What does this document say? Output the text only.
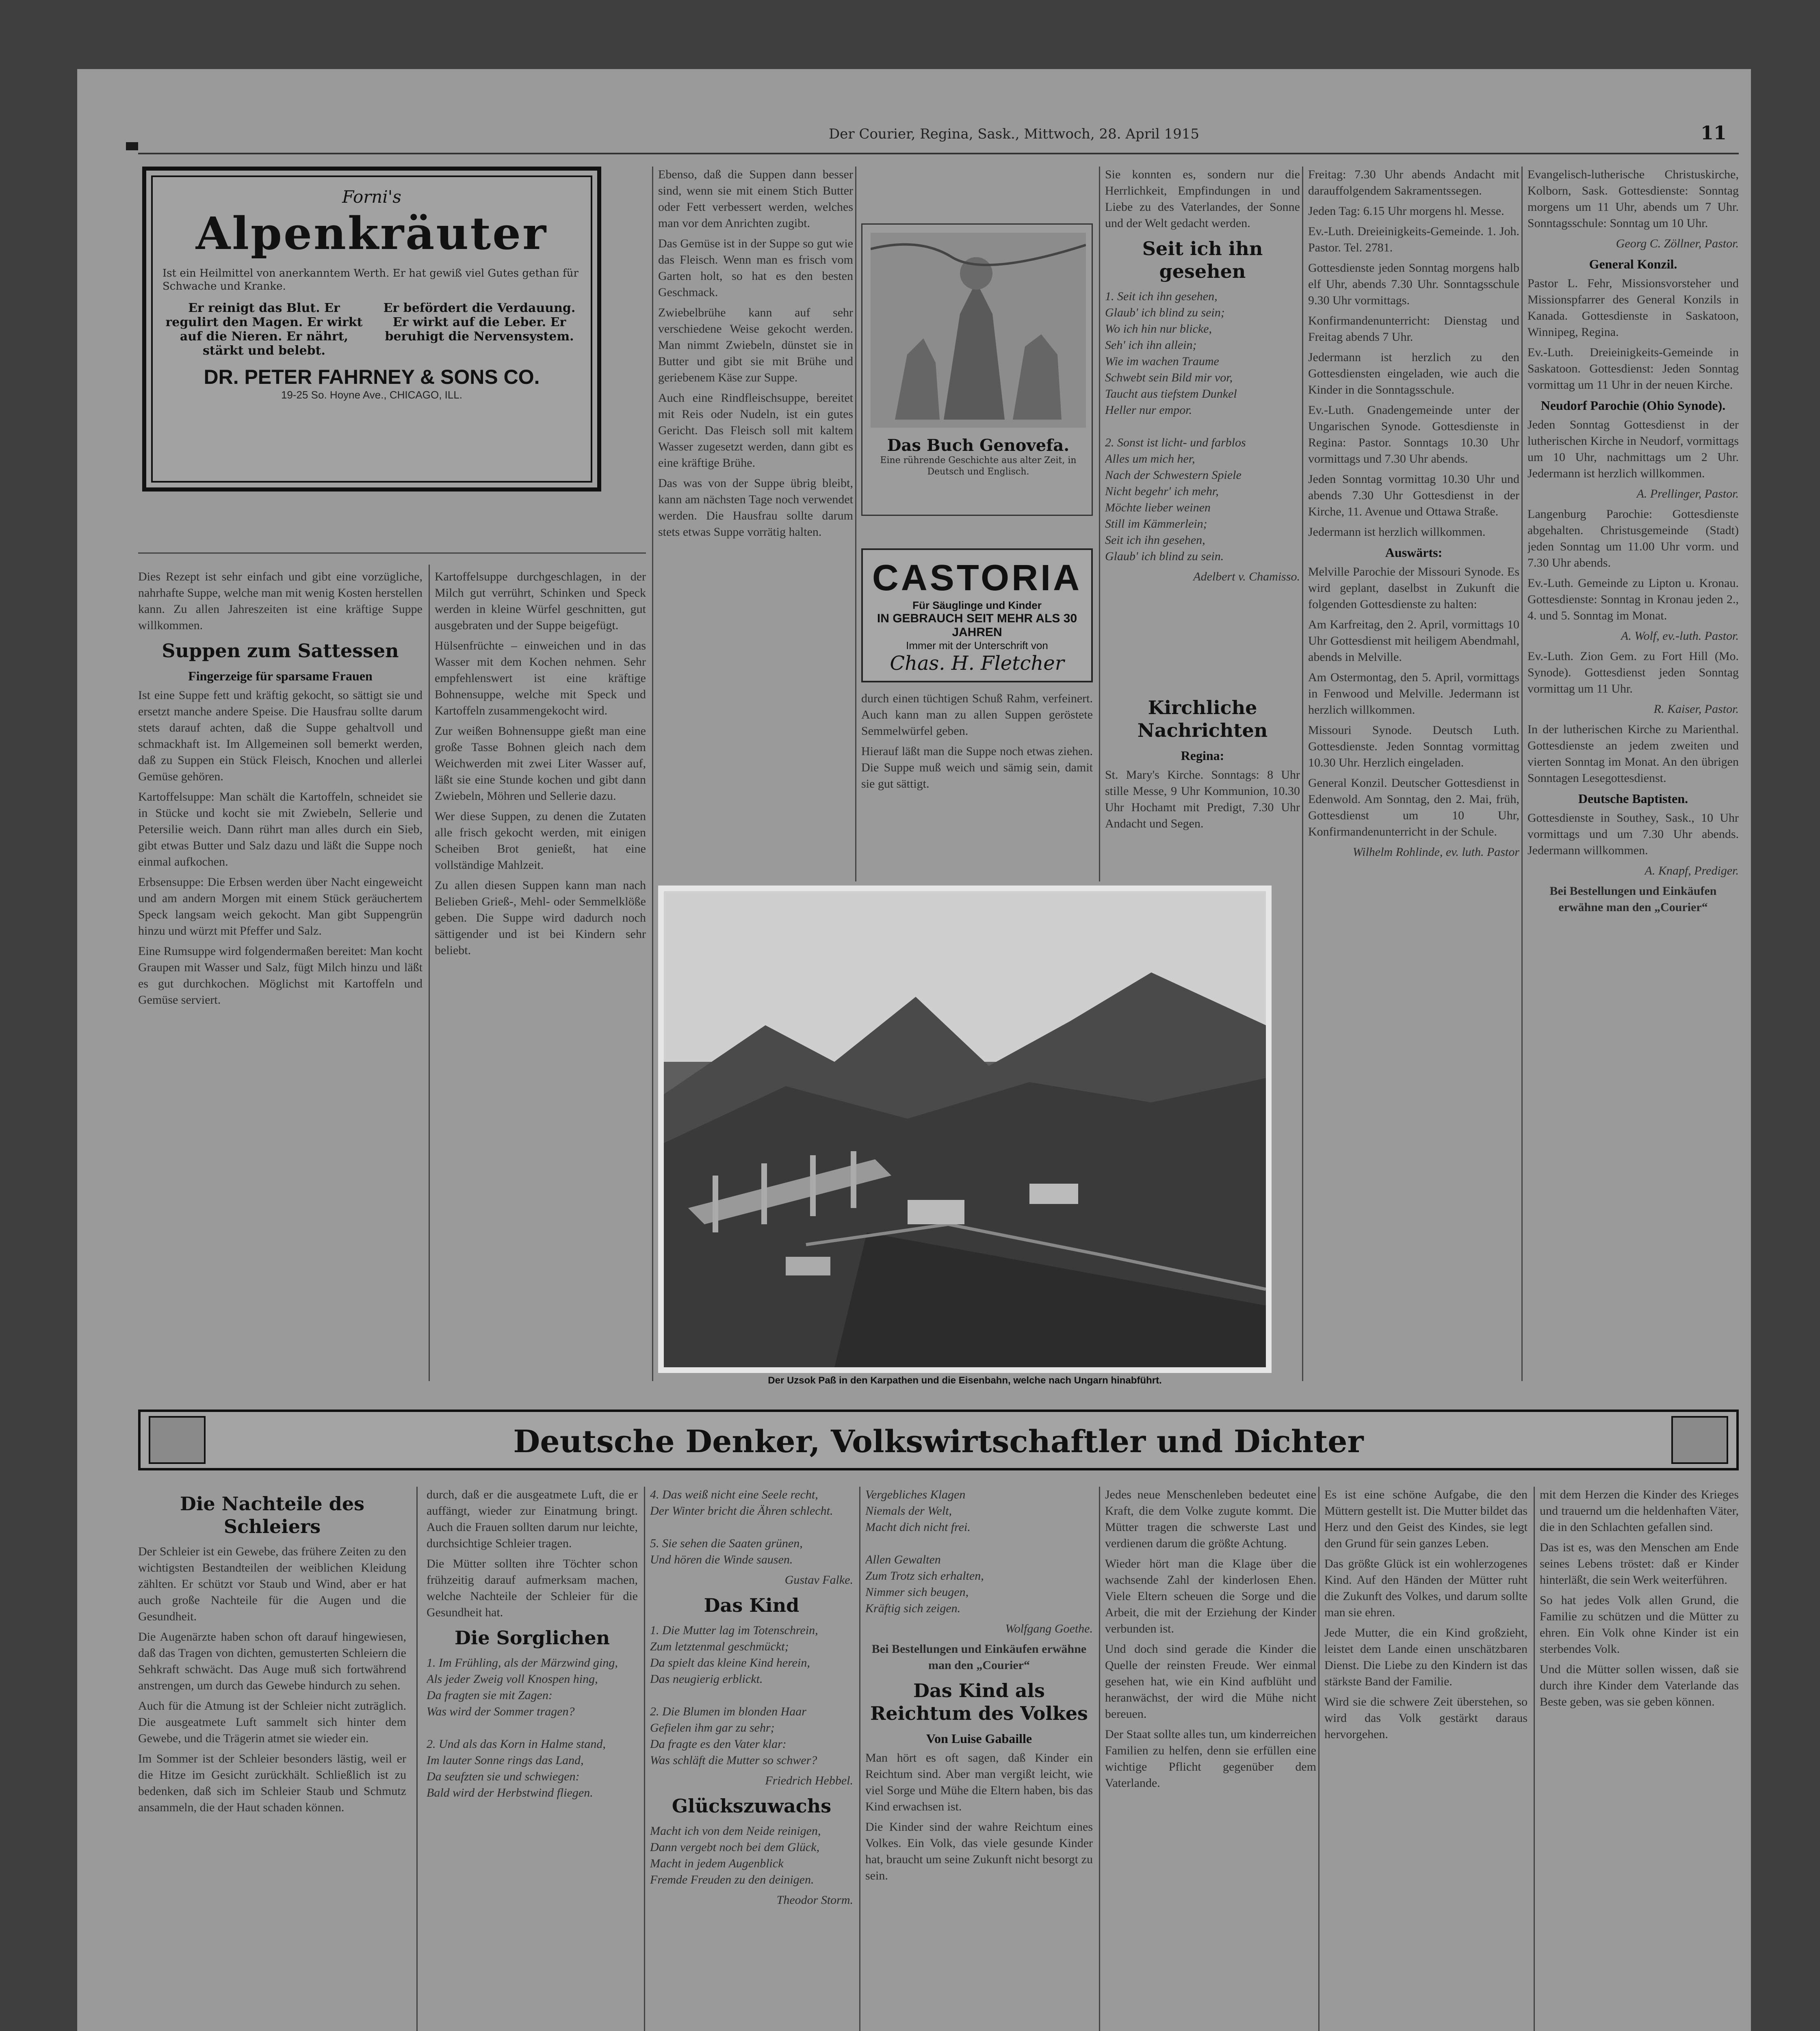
Der Courier, Regina, Sask., Mittwoch, 28. April 1915	11
Forni's
Alpenkräuter
Ist ein Heilmittel von anerkanntem Werth. Er hat gewiß viel Gutes gethan für Schwache und Kranke.
Er reinigt das Blut. Er regulirt den Magen. Er wirkt auf die Nieren. Er nährt, stärkt und belebt.
Er befördert die Verdauung. Er wirkt auf die Leber. Er beruhigt die Nervensystem.
DR. PETER FAHRNEY & SONS CO.
19-25 So. Hoyne Ave., CHICAGO, ILL.
Das Buch Genovefa.
Eine rührende Geschichte aus alter Zeit, in Deutsch und Englisch.
CASTORIA
Für Säuglinge und Kinder
IN GEBRAUCH SEIT MEHR ALS 30 JAHREN
Immer mit der Unterschrift von
Chas. H. Fletcher

Dies Rezept ist sehr einfach und gibt eine vorzügliche, nahrhafte Suppe, welche man mit wenig Kosten herstellen kann. Zu allen Jahreszeiten ist eine kräftige Suppe willkommen.

Suppen zum Sattessen
Fingerzeige für sparsame Frauen

Ist eine Suppe fett und kräftig gekocht, so sättigt sie und ersetzt manche andere Speise. Die Hausfrau sollte darum stets darauf achten, daß die Suppe gehaltvoll und schmackhaft ist. Im Allgemeinen soll bemerkt werden, daß zu Suppen ein Stück Fleisch, Knochen und allerlei Gemüse gehören.

Kartoffelsuppe: Man schält die Kartoffeln, schneidet sie in Stücke und kocht sie mit Zwiebeln, Sellerie und Petersilie weich. Dann rührt man alles durch ein Sieb, gibt etwas Butter und Salz dazu und läßt die Suppe noch einmal aufkochen.

Erbsensuppe: Die Erbsen werden über Nacht eingeweicht und am andern Morgen mit einem Stück geräuchertem Speck langsam weich gekocht. Man gibt Suppengrün hinzu und würzt mit Pfeffer und Salz.

Eine Rumsuppe wird folgendermaßen bereitet: Man kocht Graupen mit Wasser und Salz, fügt Milch hinzu und läßt es gut durchkochen. Möglichst mit Kartoffeln und Gemüse serviert.

Kartoffelsuppe durchgeschlagen, in der Milch gut verrührt, Schinken und Speck werden in kleine Würfel geschnitten, gut ausgebraten und der Suppe beigefügt.

Hülsenfrüchte – einweichen und in das Wasser mit dem Kochen nehmen. Sehr empfehlenswert ist eine kräftige Bohnensuppe, welche mit Speck und Kartoffeln zusammengekocht wird.

Zur weißen Bohnensuppe gießt man eine große Tasse Bohnen gleich nach dem Weichwerden mit zwei Liter Wasser auf, läßt sie eine Stunde kochen und gibt dann Zwiebeln, Möhren und Sellerie dazu.

Wer diese Suppen, zu denen die Zutaten alle frisch gekocht werden, mit einigen Scheiben Brot genießt, hat eine vollständige Mahlzeit.

Zu allen diesen Suppen kann man nach Belieben Grieß-, Mehl- oder Semmelklöße geben. Die Suppe wird dadurch noch sättigender und ist bei Kindern sehr beliebt.

Ebenso, daß die Suppen dann besser sind, wenn sie mit einem Stich Butter oder Fett verbessert werden, welches man vor dem Anrichten zugibt.

Das Gemüse ist in der Suppe so gut wie das Fleisch. Wenn man es frisch vom Garten holt, so hat es den besten Geschmack.

Zwiebelbrühe kann auf sehr verschiedene Weise gekocht werden. Man nimmt Zwiebeln, dünstet sie in Butter und gibt sie mit Brühe und geriebenem Käse zur Suppe.

Auch eine Rindfleischsuppe, bereitet mit Reis oder Nudeln, ist ein gutes Gericht. Das Fleisch soll mit kaltem Wasser zugesetzt werden, dann gibt es eine kräftige Brühe.

Das was von der Suppe übrig bleibt, kann am nächsten Tage noch verwendet werden. Die Hausfrau sollte darum stets etwas Suppe vorrätig halten.

durch einen tüchtigen Schuß Rahm, verfeinert. Auch kann man zu allen Suppen geröstete Semmelwürfel geben.

Hierauf läßt man die Suppe noch etwas ziehen. Die Suppe muß weich und sämig sein, damit sie gut sättigt.

Sie konnten es, sondern nur die Herrlichkeit, Empfindungen in und Liebe zu des Vaterlandes, der Sonne und der Welt gedacht werden.

Seit ich ihn gesehen

1. Seit ich ihn gesehen,
Glaub' ich blind zu sein;
Wo ich hin nur blicke,
Seh' ich ihn allein;
Wie im wachen Traume
Schwebt sein Bild mir vor,
Taucht aus tiefstem Dunkel
Heller nur empor.

2. Sonst ist licht- und farblos
Alles um mich her,
Nach der Schwestern Spiele
Nicht begehr' ich mehr,
Möchte lieber weinen
Still im Kämmerlein;
Seit ich ihn gesehen,
Glaub' ich blind zu sein.

Adelbert v. Chamisso.

Kirchliche Nachrichten
Regina:

St. Mary's Kirche. Sonntags: 8 Uhr stille Messe, 9 Uhr Kommunion, 10.30 Uhr Hochamt mit Predigt, 7.30 Uhr Andacht und Segen.

Freitag: 7.30 Uhr abends Andacht mit darauffolgendem Sakramentssegen.

Jeden Tag: 6.15 Uhr morgens hl. Messe.

Ev.-Luth. Dreieinigkeits-Gemeinde. 1. Joh. Pastor. Tel. 2781.

Gottesdienste jeden Sonntag morgens halb elf Uhr, abends 7.30 Uhr. Sonntagsschule 9.30 Uhr vormittags.

Konfirmandenunterricht: Dienstag und Freitag abends 7 Uhr.

Jedermann ist herzlich zu den Gottesdiensten eingeladen, wie auch die Kinder in die Sonntagsschule.

Ev.-Luth. Gnadengemeinde unter der Ungarischen Synode. Gottesdienste in Regina: Pastor. Sonntags 10.30 Uhr vormittags und 7.30 Uhr abends.

Jeden Sonntag vormittag 10.30 Uhr und abends 7.30 Uhr Gottesdienst in der Kirche, 11. Avenue und Ottawa Straße.

Jedermann ist herzlich willkommen.

Auswärts:

Melville Parochie der Missouri Synode. Es wird geplant, daselbst in Zukunft die folgenden Gottesdienste zu halten:

Am Karfreitag, den 2. April, vormittags 10 Uhr Gottesdienst mit heiligem Abendmahl, abends in Melville.

Am Ostermontag, den 5. April, vormittags in Fenwood und Melville. Jedermann ist herzlich willkommen.

Missouri Synode. Deutsch Luth. Gottesdienste. Jeden Sonntag vormittag 10.30 Uhr. Herzlich eingeladen.

General Konzil. Deutscher Gottesdienst in Edenwold. Am Sonntag, den 2. Mai, früh, Gottesdienst um 10 Uhr, Konfirmandenunterricht in der Schule.

Wilhelm Rohlinde, ev. luth. Pastor

Evangelisch-lutherische Christuskirche, Kolborn, Sask. Gottesdienste: Sonntag morgens um 11 Uhr, abends um 7 Uhr. Sonntagsschule: Sonntag um 10 Uhr.

Georg C. Zöllner, Pastor.

General Konzil.

Pastor L. Fehr, Missionsvorsteher und Missionspfarrer des General Konzils in Kanada. Gottesdienste in Saskatoon, Winnipeg, Regina.

Ev.-Luth. Dreieinigkeits-Gemeinde in Saskatoon. Gottesdienst: Jeden Sonntag vormittag um 11 Uhr in der neuen Kirche.

Neudorf Parochie (Ohio Synode).

Jeden Sonntag Gottesdienst in der lutherischen Kirche in Neudorf, vormittags um 10 Uhr, nachmittags um 2 Uhr. Jedermann ist herzlich willkommen.

A. Prellinger, Pastor.

Langenburg Parochie: Gottesdienste abgehalten. Christusgemeinde (Stadt) jeden Sonntag um 11.00 Uhr vorm. und 7.30 Uhr abends.

Ev.-Luth. Gemeinde zu Lipton u. Kronau. Gottesdienste: Sonntag in Kronau jeden 2., 4. und 5. Sonntag im Monat.

A. Wolf, ev.-luth. Pastor.

Ev.-Luth. Zion Gem. zu Fort Hill (Mo. Synode). Gottesdienst jeden Sonntag vormittag um 11 Uhr.

R. Kaiser, Pastor.

In der lutherischen Kirche zu Marienthal. Gottesdienste an jedem zweiten und vierten Sonntag im Monat. An den übrigen Sonntagen Lesegottesdienst.

Deutsche Baptisten.

Gottesdienste in Southey, Sask., 10 Uhr vormittags und um 7.30 Uhr abends. Jedermann willkommen.

A. Knapf, Prediger.

Bei Bestellungen und Einkäufen erwähne man den „Courier“

Der Uzsok Paß in den Karpathen und die Eisenbahn, welche nach Ungarn hinabführt.
Deutsche Denker, Volkswirtschaftler und Dichter
Die Nachteile des Schleiers

Der Schleier ist ein Gewebe, das frühere Zeiten zu den wichtigsten Bestandteilen der weiblichen Kleidung zählten. Er schützt vor Staub und Wind, aber er hat auch große Nachteile für die Augen und die Gesundheit.

Die Augenärzte haben schon oft darauf hingewiesen, daß das Tragen von dichten, gemusterten Schleiern die Sehkraft schwächt. Das Auge muß sich fortwährend anstrengen, um durch das Gewebe hindurch zu sehen.

Auch für die Atmung ist der Schleier nicht zuträglich. Die ausgeatmete Luft sammelt sich hinter dem Gewebe, und die Trägerin atmet sie wieder ein.

Im Sommer ist der Schleier besonders lästig, weil er die Hitze im Gesicht zurückhält. Schließlich ist zu bedenken, daß sich im Schleier Staub und Schmutz ansammeln, die der Haut schaden können.

durch, daß er die ausgeatmete Luft, die er auffängt, wieder zur Einatmung bringt. Auch die Frauen sollten darum nur leichte, durchsichtige Schleier tragen.

Die Mütter sollten ihre Töchter schon frühzeitig darauf aufmerksam machen, welche Nachteile der Schleier für die Gesundheit hat.

Die Sorglichen

1. Im Frühling, als der Märzwind ging,
Als jeder Zweig voll Knospen hing,
Da fragten sie mit Zagen:
Was wird der Sommer tragen?

2. Und als das Korn in Halme stand,
Im lauter Sonne rings das Land,
Da seufzten sie und schwiegen:
Bald wird der Herbstwind fliegen.

4. Das weiß nicht eine Seele recht,
Der Winter bricht die Ähren schlecht.

5. Sie sehen die Saaten grünen,
Und hören die Winde sausen.

Gustav Falke.

Das Kind

1. Die Mutter lag im Totenschrein,
Zum letztenmal geschmückt;
Da spielt das kleine Kind herein,
Das neugierig erblickt.

2. Die Blumen im blonden Haar
Gefielen ihm gar zu sehr;
Da fragte es den Vater klar:
Was schläft die Mutter so schwer?

Friedrich Hebbel.

Glückszuwachs

Macht ich von dem Neide reinigen,
Dann vergebt noch bei dem Glück,
Macht in jedem Augenblick
Fremde Freuden zu den deinigen.

Theodor Storm.

Vergebliches Klagen
Niemals der Welt,
Macht dich nicht frei.

Allen Gewalten
Zum Trotz sich erhalten,
Nimmer sich beugen,
Kräftig sich zeigen.

Wolfgang Goethe.

Bei Bestellungen und Einkäufen erwähne man den „Courier“

Das Kind als Reichtum des Volkes
Von Luise Gabaille

Man hört es oft sagen, daß Kinder ein Reichtum sind. Aber man vergißt leicht, wie viel Sorge und Mühe die Eltern haben, bis das Kind erwachsen ist.

Die Kinder sind der wahre Reichtum eines Volkes. Ein Volk, das viele gesunde Kinder hat, braucht um seine Zukunft nicht besorgt zu sein.

Jedes neue Menschenleben bedeutet eine Kraft, die dem Volke zugute kommt. Die Mütter tragen die schwerste Last und verdienen darum die größte Achtung.

Wieder hört man die Klage über die wachsende Zahl der kinderlosen Ehen. Viele Eltern scheuen die Sorge und die Arbeit, die mit der Erziehung der Kinder verbunden ist.

Und doch sind gerade die Kinder die Quelle der reinsten Freude. Wer einmal gesehen hat, wie ein Kind aufblüht und heranwächst, der wird die Mühe nicht bereuen.

Der Staat sollte alles tun, um kinderreichen Familien zu helfen, denn sie erfüllen eine wichtige Pflicht gegenüber dem Vaterlande.

Es ist eine schöne Aufgabe, die den Müttern gestellt ist. Die Mutter bildet das Herz und den Geist des Kindes, sie legt den Grund für sein ganzes Leben.

Das größte Glück ist ein wohlerzogenes Kind. Auf den Händen der Mütter ruht die Zukunft des Volkes, und darum sollte man sie ehren.

Jede Mutter, die ein Kind großzieht, leistet dem Lande einen unschätzbaren Dienst. Die Liebe zu den Kindern ist das stärkste Band der Familie.

Wird sie die schwere Zeit überstehen, so wird das Volk gestärkt daraus hervorgehen.

mit dem Herzen die Kinder des Krieges und trauernd um die heldenhaften Väter, die in den Schlachten gefallen sind.

Das ist es, was den Menschen am Ende seines Lebens tröstet: daß er Kinder hinterläßt, die sein Werk weiterführen.

So hat jedes Volk allen Grund, die Familie zu schützen und die Mütter zu ehren. Ein Volk ohne Kinder ist ein sterbendes Volk.

Und die Mütter sollen wissen, daß sie durch ihre Kinder dem Vaterlande das Beste geben, was sie geben können.
